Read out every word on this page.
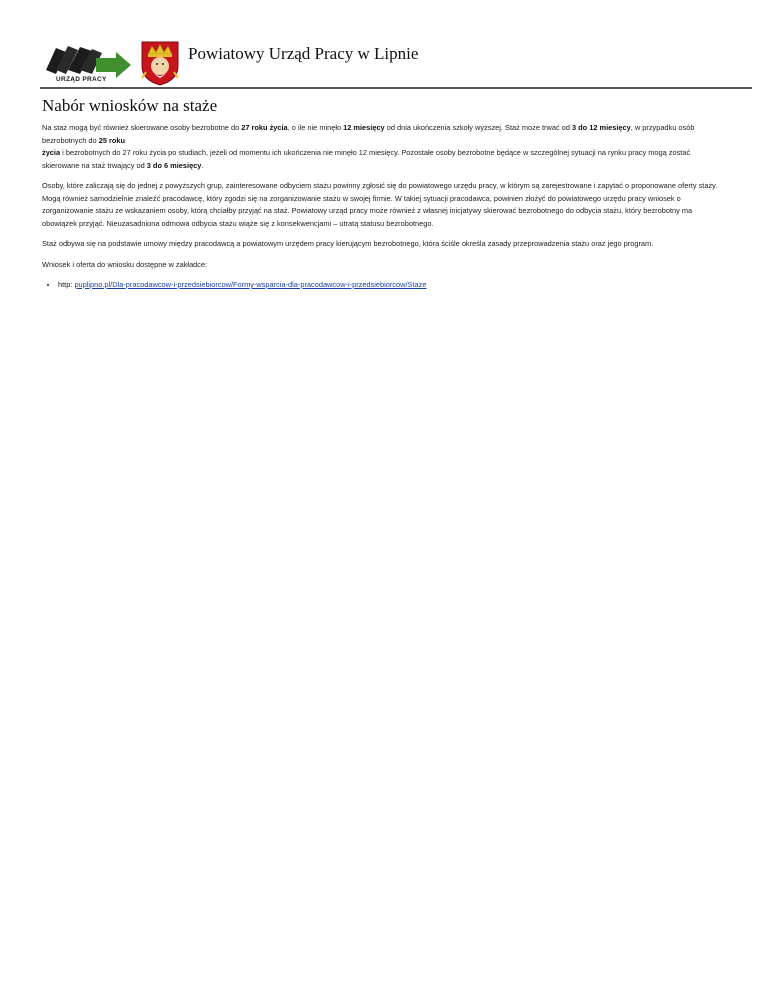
URZĄD PRACY
Powiatowy Urząd Pracy w Lipnie
Nabór wniosków na staże

Na staż mogą być również skierowane osoby bezrobotne do 27 roku życia, o ile nie minęło 12 miesięcy od dnia ukończenia szkoły wyższej. Staż może trwać od 3 do 12 miesięcy, w przypadku osób bezrobotnych do 25 roku
życia i bezrobotnych do 27 roku życia po studiach, jeżeli od momentu ich ukończenia nie minęło 12 miesięcy. Pozostałe osoby bezrobotne będące w szczególnej sytuacji na rynku pracy mogą zostać skierowane na staż trwający od 3 do 6 miesięcy.

Osoby, które zaliczają się do jednej z powyższych grup, zainteresowane odbyciem stażu powinny zgłosić się do powiatowego urzędu pracy, w którym są zarejestrowane i zapytać o proponowane oferty staży. Mogą również samodzielnie znaleźć pracodawcę, który zgodzi się na zorganizowanie stażu w swojej firmie. W takiej sytuacji pracodawca, powinien złożyć do powiatowego urzędu pracy wniosek o zorganizowanie stażu ze wskazaniem osoby, którą chciałby przyjąć na staż. Powiatowy urząd pracy może również z własnej inicjatywy skierować bezrobotnego do odbycia stażu, który bezrobotny ma obowiązek przyjąć. Nieuzasadniona odmowa odbycia stażu wiąże się z konsekwencjami – utratą statusu bezrobotnego.

Staż odbywa się na podstawie umowy między pracodawcą a powiatowym urzędem pracy kierującym bezrobotnego, która ściśle określa zasady przeprowadzenia stażu oraz jego program.

Wniosek i oferta do wniosku dostępne w zakładce:

• http: puplipno.pl/Dla-pracodawcow-i-przedsiebiorcow/Formy-wsparcia-dla-pracodawcow-i-przedsiebiorcow/Staze
